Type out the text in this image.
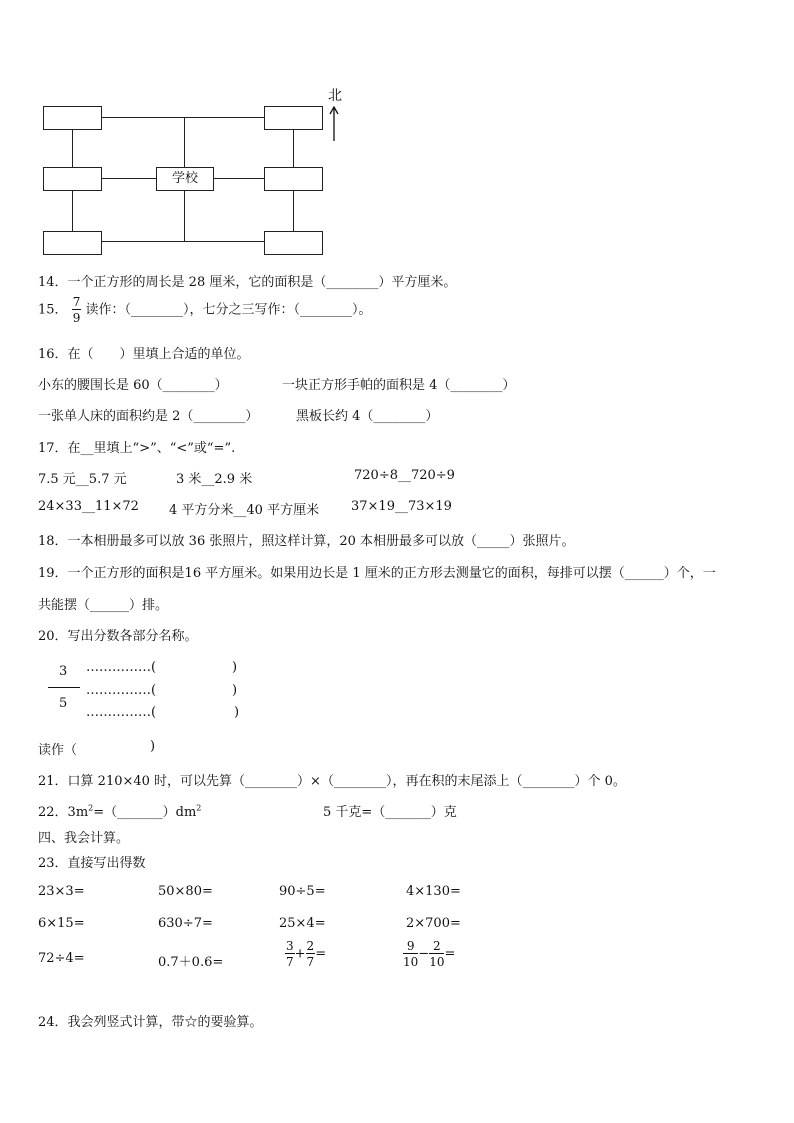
学校
北
14．一个正方形的周长是 28 厘米，它的面积是（________）平方厘米。
15． $\frac{7}{9}$ 读作：（________），七分之三写作：（________）。
16．在（　　）里填上合适的单位。
小东的腰围长是 60（________）	一块正方形手帕的面积是 4（________）
一张单人床的面积约是 2（________）	黑板长约 4（________）
17．在__里填上“>”、“<”或“=”.
7.5 元__5.7 元	3 米__2.9 米	720÷8__720÷9
24×33__11×72 4 平方分米__40 平方厘米 37×19__73×19
18．一本相册最多可以放 36 张照片，照这样计算，20 本相册最多可以放（_____）张照片。
19．一个正方形的面积是16 平方厘米。如果用边长是 1 厘米的正方形去测量它的面积，每排可以摆（______）个，一
共能摆（______）排。
20．写出分数各部分名称。
3
5
……………(	)
……………(	)
……………(	)
读作（	)
21．口算 210×40 时，可以先算（________）×（________），再在积的末尾添上（________）个 0。
22．$3m^2=(\_\_\_\_\_\_\_)dm^2$	5 千克=（_______）克
四、我会计算。
23．直接写出得数
23×3=	50×80=	90÷5=	4×130=
6×15=	630÷7=	25×4=	2×700=
72÷4=	0.7＋0.6=	$\frac{3}{7} + \frac{2}{7}$ =	$\frac{9}{10} - \frac{2}{10}$ =
24．我会列竖式计算，带☆的要验算。
